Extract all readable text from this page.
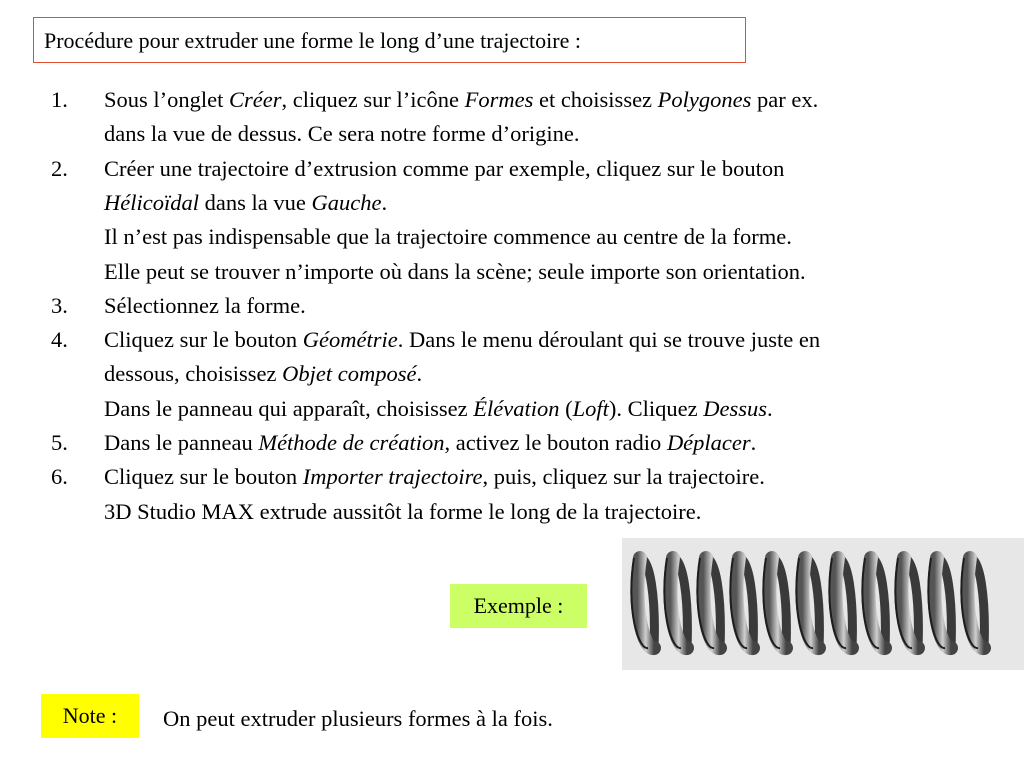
Procédure pour extruder une forme le long d’une trajectoire :
1. Sous l’onglet Créer, cliquez sur l’icône Formes et choisissez Polygones par ex.
dans la vue de dessus. Ce sera notre forme d’origine.
2. Créer une trajectoire d’extrusion comme par exemple, cliquez sur le bouton
Hélicoïdal dans la vue Gauche.
Il n’est pas indispensable que la trajectoire commence au centre de la forme.
Elle peut se trouver n’importe où dans la scène; seule importe son orientation.
3. Sélectionnez la forme.
4. Cliquez sur le bouton Géométrie. Dans le menu déroulant qui se trouve juste en
dessous, choisissez Objet composé.
Dans le panneau qui apparaît, choisissez Élévation (Loft). Cliquez Dessus.
5. Dans le panneau Méthode de création, activez le bouton radio Déplacer.
6. Cliquez sur le bouton Importer trajectoire, puis, cliquez sur la trajectoire.
3D Studio MAX extrude aussitôt la forme le long de la trajectoire.
Exemple :
Note :	On peut extruder plusieurs formes à la fois.
